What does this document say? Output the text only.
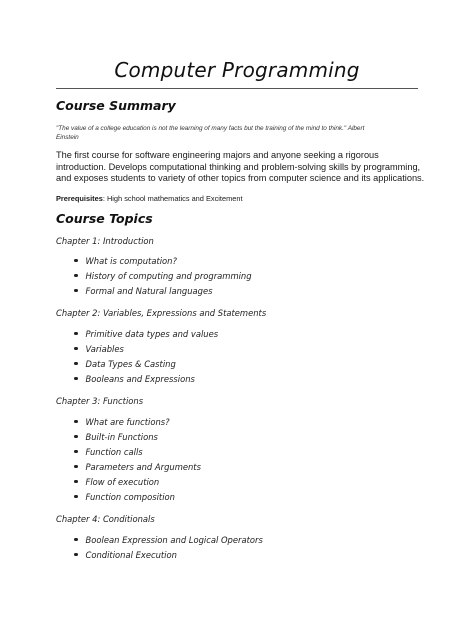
Computer Programming
Course Summary
"The value of a college education is not the learning of many facts but the training of the mind to think." Albert Einstein
The first course for software engineering majors and anyone seeking a rigorous introduction. Develops computational thinking and problem-solving skills by programming, and exposes students to variety of other topics from computer science and its applications.
Prerequisites: High school mathematics and Excitement
Course Topics
Chapter 1: Introduction
What is computation?
History of computing and programming
Formal and Natural languages
Chapter 2: Variables, Expressions and Statements
Primitive data types and values
Variables
Data Types & Casting
Booleans and Expressions
Chapter 3: Functions
What are functions?
Built-in Functions
Function calls
Parameters and Arguments
Flow of execution
Function composition
Chapter 4: Conditionals
Boolean Expression and Logical Operators
Conditional Execution
